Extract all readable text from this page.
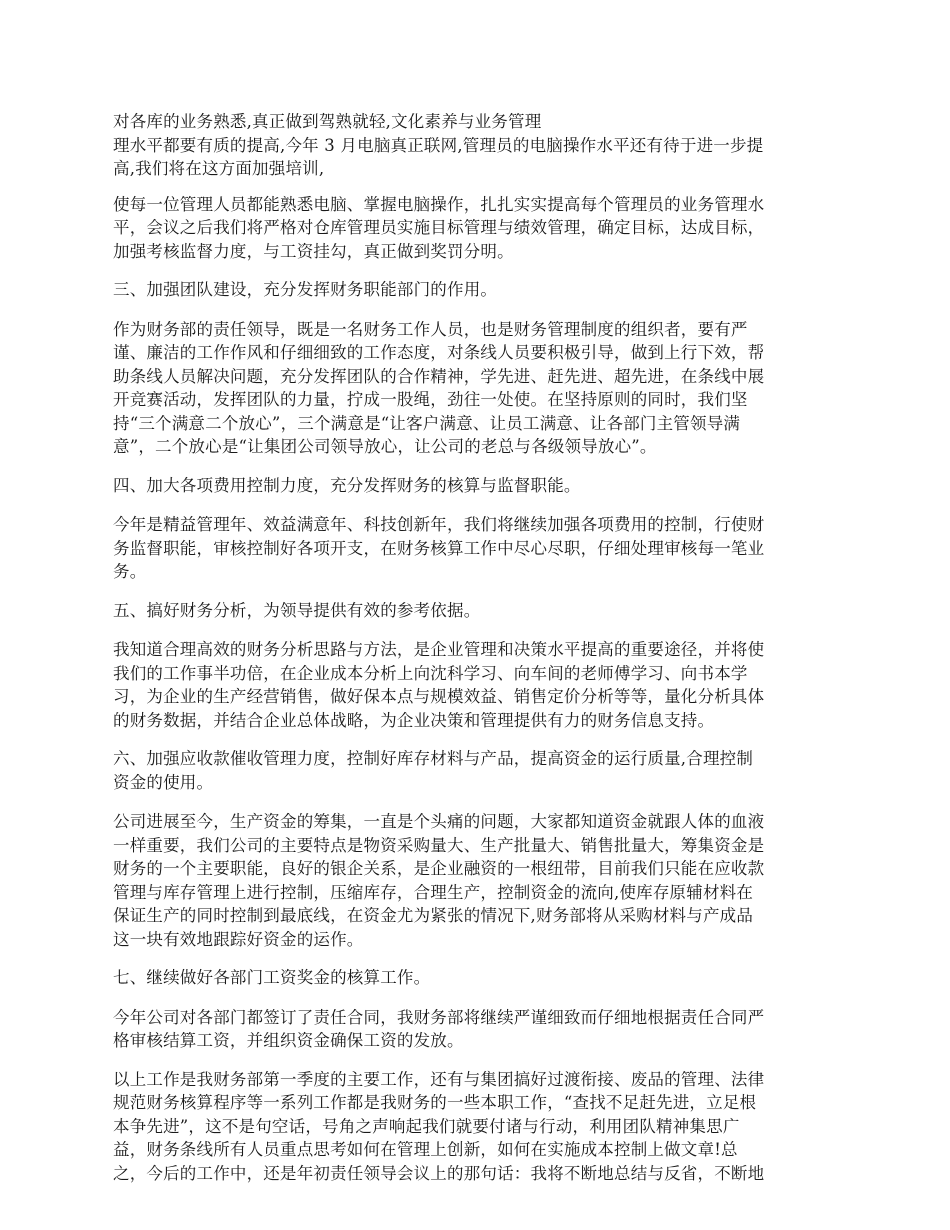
对各库的业务熟悉,真正做到驾熟就轻,文化素养与业务管理
理水平都要有质的提高,今年 3 月电脑真正联网,管理员的电脑操作水平还有待于进一步提
高,我们将在这方面加强培训,

使每一位管理人员都能熟悉电脑、掌握电脑操作，扎扎实实提高每个管理员的业务管理水
平，会议之后我们将严格对仓库管理员实施目标管理与绩效管理，确定目标，达成目标，
加强考核监督力度，与工资挂勾，真正做到奖罚分明。

三、加强团队建设，充分发挥财务职能部门的作用。

作为财务部的责任领导，既是一名财务工作人员，也是财务管理制度的组织者，要有严
谨、廉洁的工作作风和仔细细致的工作态度，对条线人员要积极引导，做到上行下效，帮
助条线人员解决问题，充分发挥团队的合作精神，学先进、赶先进、超先进，在条线中展
开竞赛活动，发挥团队的力量，拧成一股绳，劲往一处使。在坚持原则的同时，我们坚
持“三个满意二个放心”，三个满意是“让客户满意、让员工满意、让各部门主管领导满
意”，二个放心是“让集团公司领导放心，让公司的老总与各级领导放心”。

四、加大各项费用控制力度，充分发挥财务的核算与监督职能。

今年是精益管理年、效益满意年、科技创新年，我们将继续加强各项费用的控制，行使财
务监督职能，审核控制好各项开支，在财务核算工作中尽心尽职，仔细处理审核每一笔业
务。

五、搞好财务分析，为领导提供有效的参考依据。

我知道合理高效的财务分析思路与方法，是企业管理和决策水平提高的重要途径，并将使
我们的工作事半功倍，在企业成本分析上向沈科学习、向车间的老师傅学习、向书本学
习，为企业的生产经营销售，做好保本点与规模效益、销售定价分析等等，量化分析具体
的财务数据，并结合企业总体战略，为企业决策和管理提供有力的财务信息支持。

六、加强应收款催收管理力度，控制好库存材料与产品，提高资金的运行质量,合理控制
资金的使用。

公司进展至今，生产资金的筹集，一直是个头痛的问题，大家都知道资金就跟人体的血液
一样重要，我们公司的主要特点是物资采购量大、生产批量大、销售批量大，筹集资金是
财务的一个主要职能，良好的银企关系，是企业融资的一根纽带，目前我们只能在应收款
管理与库存管理上进行控制，压缩库存，合理生产，控制资金的流向,使库存原辅材料在
保证生产的同时控制到最底线，在资金尤为紧张的情况下,财务部将从采购材料与产成品
这一块有效地跟踪好资金的运作。

七、继续做好各部门工资奖金的核算工作。

今年公司对各部门都签订了责任合同，我财务部将继续严谨细致而仔细地根据责任合同严
格审核结算工资，并组织资金确保工资的发放。

以上工作是我财务部第一季度的主要工作，还有与集团搞好过渡衔接、废品的管理、法律
规范财务核算程序等一系列工作都是我财务的一些本职工作，“查找不足赶先进，立足根
本争先进”，这不是句空话，号角之声响起我们就要付诸与行动，利用团队精神集思广
益，财务条线所有人员重点思考如何在管理上创新，如何在实施成本控制上做文章!总
之，今后的工作中，还是年初责任领导会议上的那句话：我将不断地总结与反省，不断地
